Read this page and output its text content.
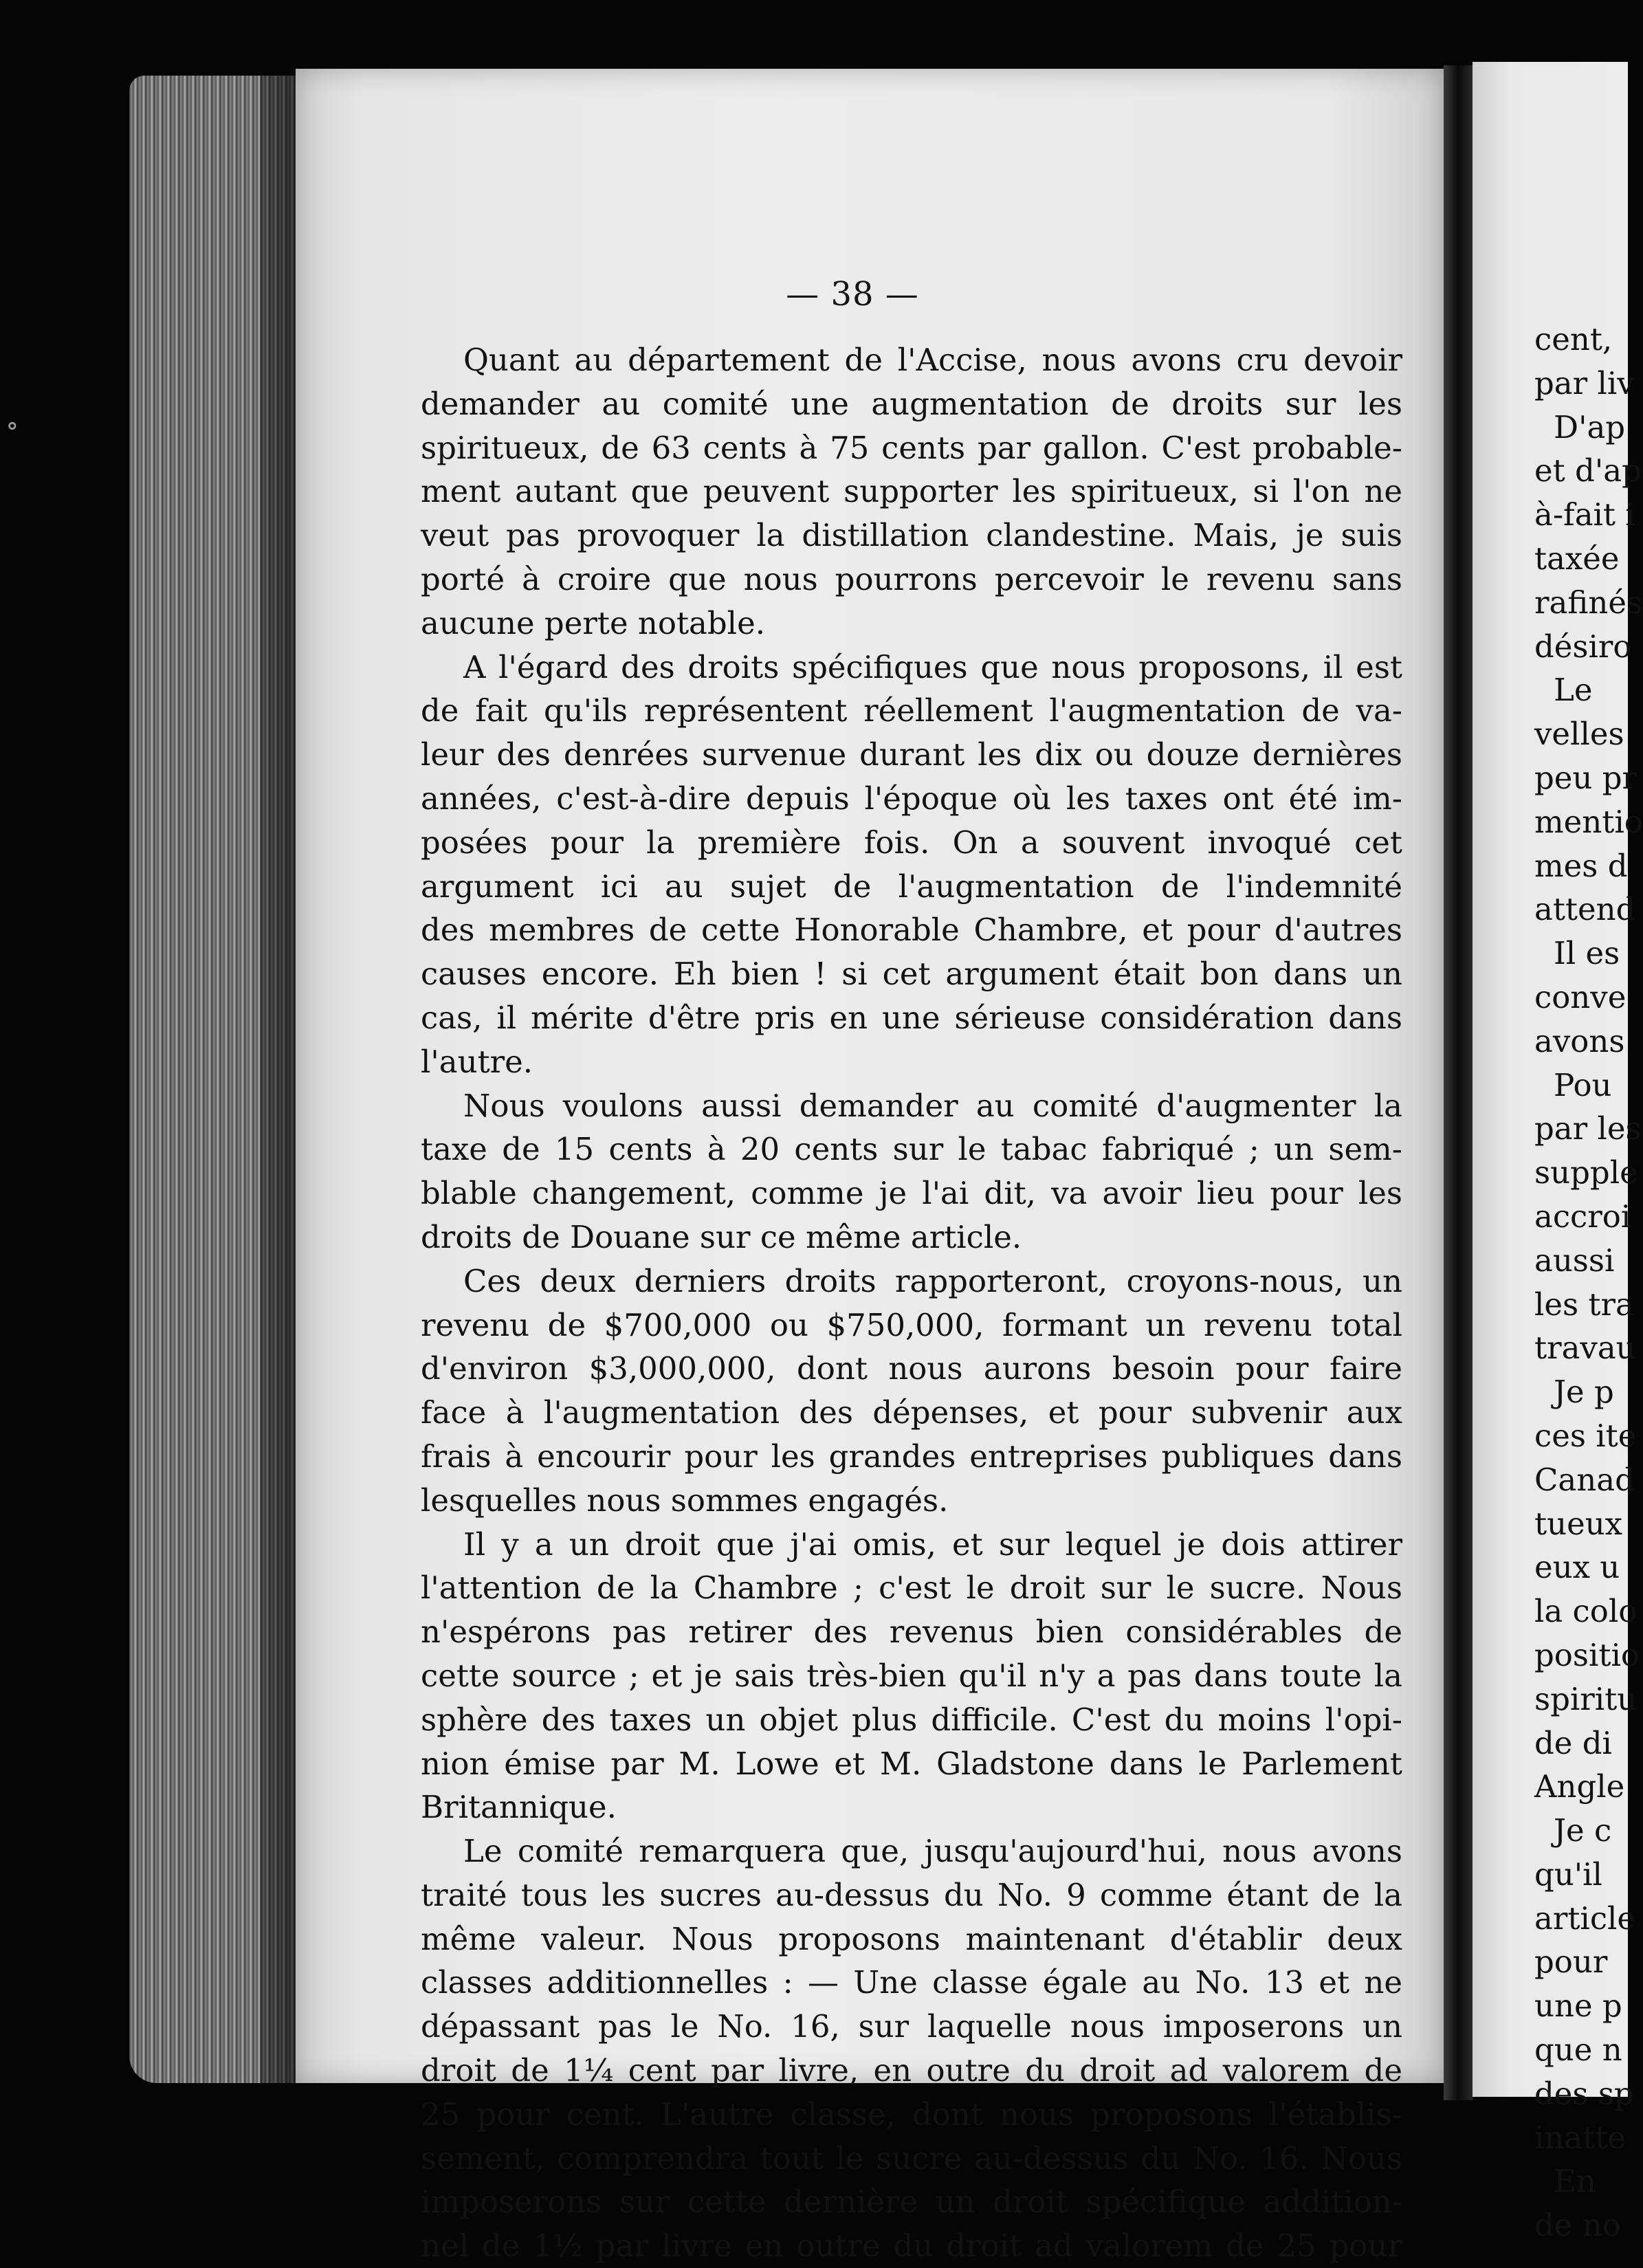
∘
— 38 —
Quant au département de l'Accise, nous avons cru devoir
demander au comité une augmentation de droits sur les
spiritueux, de 63 cents à 75 cents par gallon. C'est probable-
ment autant que peuvent supporter les spiritueux, si l'on ne
veut pas provoquer la distillation clandestine. Mais, je suis
porté à croire que nous pourrons percevoir le revenu sans
aucune perte notable.
A l'égard des droits spécifiques que nous proposons, il est
de fait qu'ils représentent réellement l'augmentation de va-
leur des denrées survenue durant les dix ou douze dernières
années, c'est-à-dire depuis l'époque où les taxes ont été im-
posées pour la première fois. On a souvent invoqué cet
argument ici au sujet de l'augmentation de l'indemnité
des membres de cette Honorable Chambre, et pour d'autres
causes encore. Eh bien ! si cet argument était bon dans un
cas, il mérite d'être pris en une sérieuse considération dans
l'autre.
Nous voulons aussi demander au comité d'augmenter la
taxe de 15 cents à 20 cents sur le tabac fabriqué ; un sem-
blable changement, comme je l'ai dit, va avoir lieu pour les
droits de Douane sur ce même article.
Ces deux derniers droits rapporteront, croyons-nous, un
revenu de $700,000 ou $750,000, formant un revenu total
d'environ $3,000,000, dont nous aurons besoin pour faire
face à l'augmentation des dépenses, et pour subvenir aux
frais à encourir pour les grandes entreprises publiques dans
lesquelles nous sommes engagés.
Il y a un droit que j'ai omis, et sur lequel je dois attirer
l'attention de la Chambre ; c'est le droit sur le sucre. Nous
n'espérons pas retirer des revenus bien considérables de
cette source ; et je sais très-bien qu'il n'y a pas dans toute la
sphère des taxes un objet plus difficile. C'est du moins l'opi-
nion émise par M. Lowe et M. Gladstone dans le Parlement
Britannique.
Le comité remarquera que, jusqu'aujourd'hui, nous avons
traité tous les sucres au-dessus du No. 9 comme étant de la
même valeur. Nous proposons maintenant d'établir deux
classes additionnelles : — Une classe égale au No. 13 et ne
dépassant pas le No. 16, sur laquelle nous imposerons un
droit de 1¼ cent par livre, en outre du droit ad valorem de
25 pour cent. L'autre classe, dont nous proposons l'établis-
sement, comprendra tout le sucre au-dessus du No. 16. Nous
imposerons sur cette dernière un droit spécifique addition-
nel de 1½ par livre en outre du droit ad valorem de 25 pour
cent,
par liv
D'ap
et d'ap
à-fait i
taxée
rafinés
désiro
Le
velles
peu pr
mentio
mes d
attend
Il es
conve
avons
Pou
par les
supple
accroi
aussi
les tra
travau
Je p
ces ite
Canad
tueux
eux u
la colo
positio
spiritu
de di
Angle
Je c
qu'il
article
pour
une p
que n
des sp
inatte
En
de no
